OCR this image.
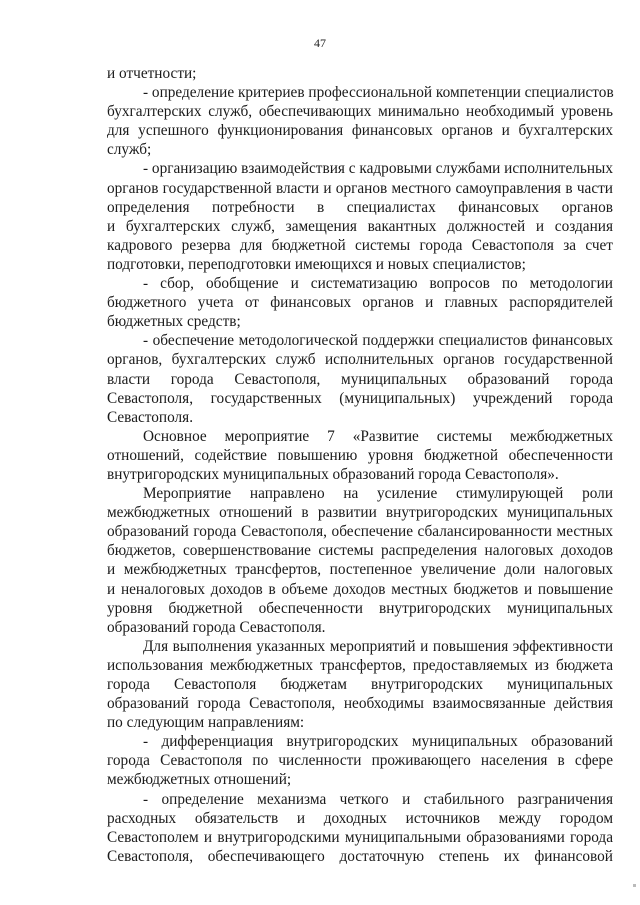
47

и отчетности;

- определение критериев профессиональной компетенции специалистов

бухгалтерских служб, обеспечивающих минимально необходимый уровень

для успешного функционирования финансовых органов и бухгалтерских

служб;

- организацию взаимодействия с кадровыми службами исполнительных

органов государственной власти и органов местного самоуправления в части

определения потребности в специалистах финансовых органов

и бухгалтерских служб, замещения вакантных должностей и создания

кадрового резерва для бюджетной системы города Севастополя за счет

подготовки, переподготовки имеющихся и новых специалистов;

- сбор, обобщение и систематизацию вопросов по методологии

бюджетного учета от финансовых органов и главных распорядителей

бюджетных средств;

- обеспечение методологической поддержки специалистов финансовых

органов, бухгалтерских служб исполнительных органов государственной

власти города Севастополя, муниципальных образований города

Севастополя, государственных (муниципальных) учреждений города

Севастополя.

Основное мероприятие 7 «Развитие системы межбюджетных

отношений, содействие повышению уровня бюджетной обеспеченности

внутригородских муниципальных образований города Севастополя».

Мероприятие направлено на усиление стимулирующей роли

межбюджетных отношений в развитии внутригородских муниципальных

образований города Севастополя, обеспечение сбалансированности местных

бюджетов, совершенствование системы распределения налоговых доходов

и межбюджетных трансфертов, постепенное увеличение доли налоговых

и неналоговых доходов в объеме доходов местных бюджетов и повышение

уровня бюджетной обеспеченности внутригородских муниципальных

образований города Севастополя.

Для выполнения указанных мероприятий и повышения эффективности

использования межбюджетных трансфертов, предоставляемых из бюджета

города Севастополя бюджетам внутригородских муниципальных

образований города Севастополя, необходимы взаимосвязанные действия

по следующим направлениям:

- дифференциация внутригородских муниципальных образований

города Севастополя по численности проживающего населения в сфере

межбюджетных отношений;

- определение механизма четкого и стабильного разграничения

расходных обязательств и доходных источников между городом

Севастополем и внутригородскими муниципальными образованиями города

Севастополя, обеспечивающего достаточную степень их финансовой
